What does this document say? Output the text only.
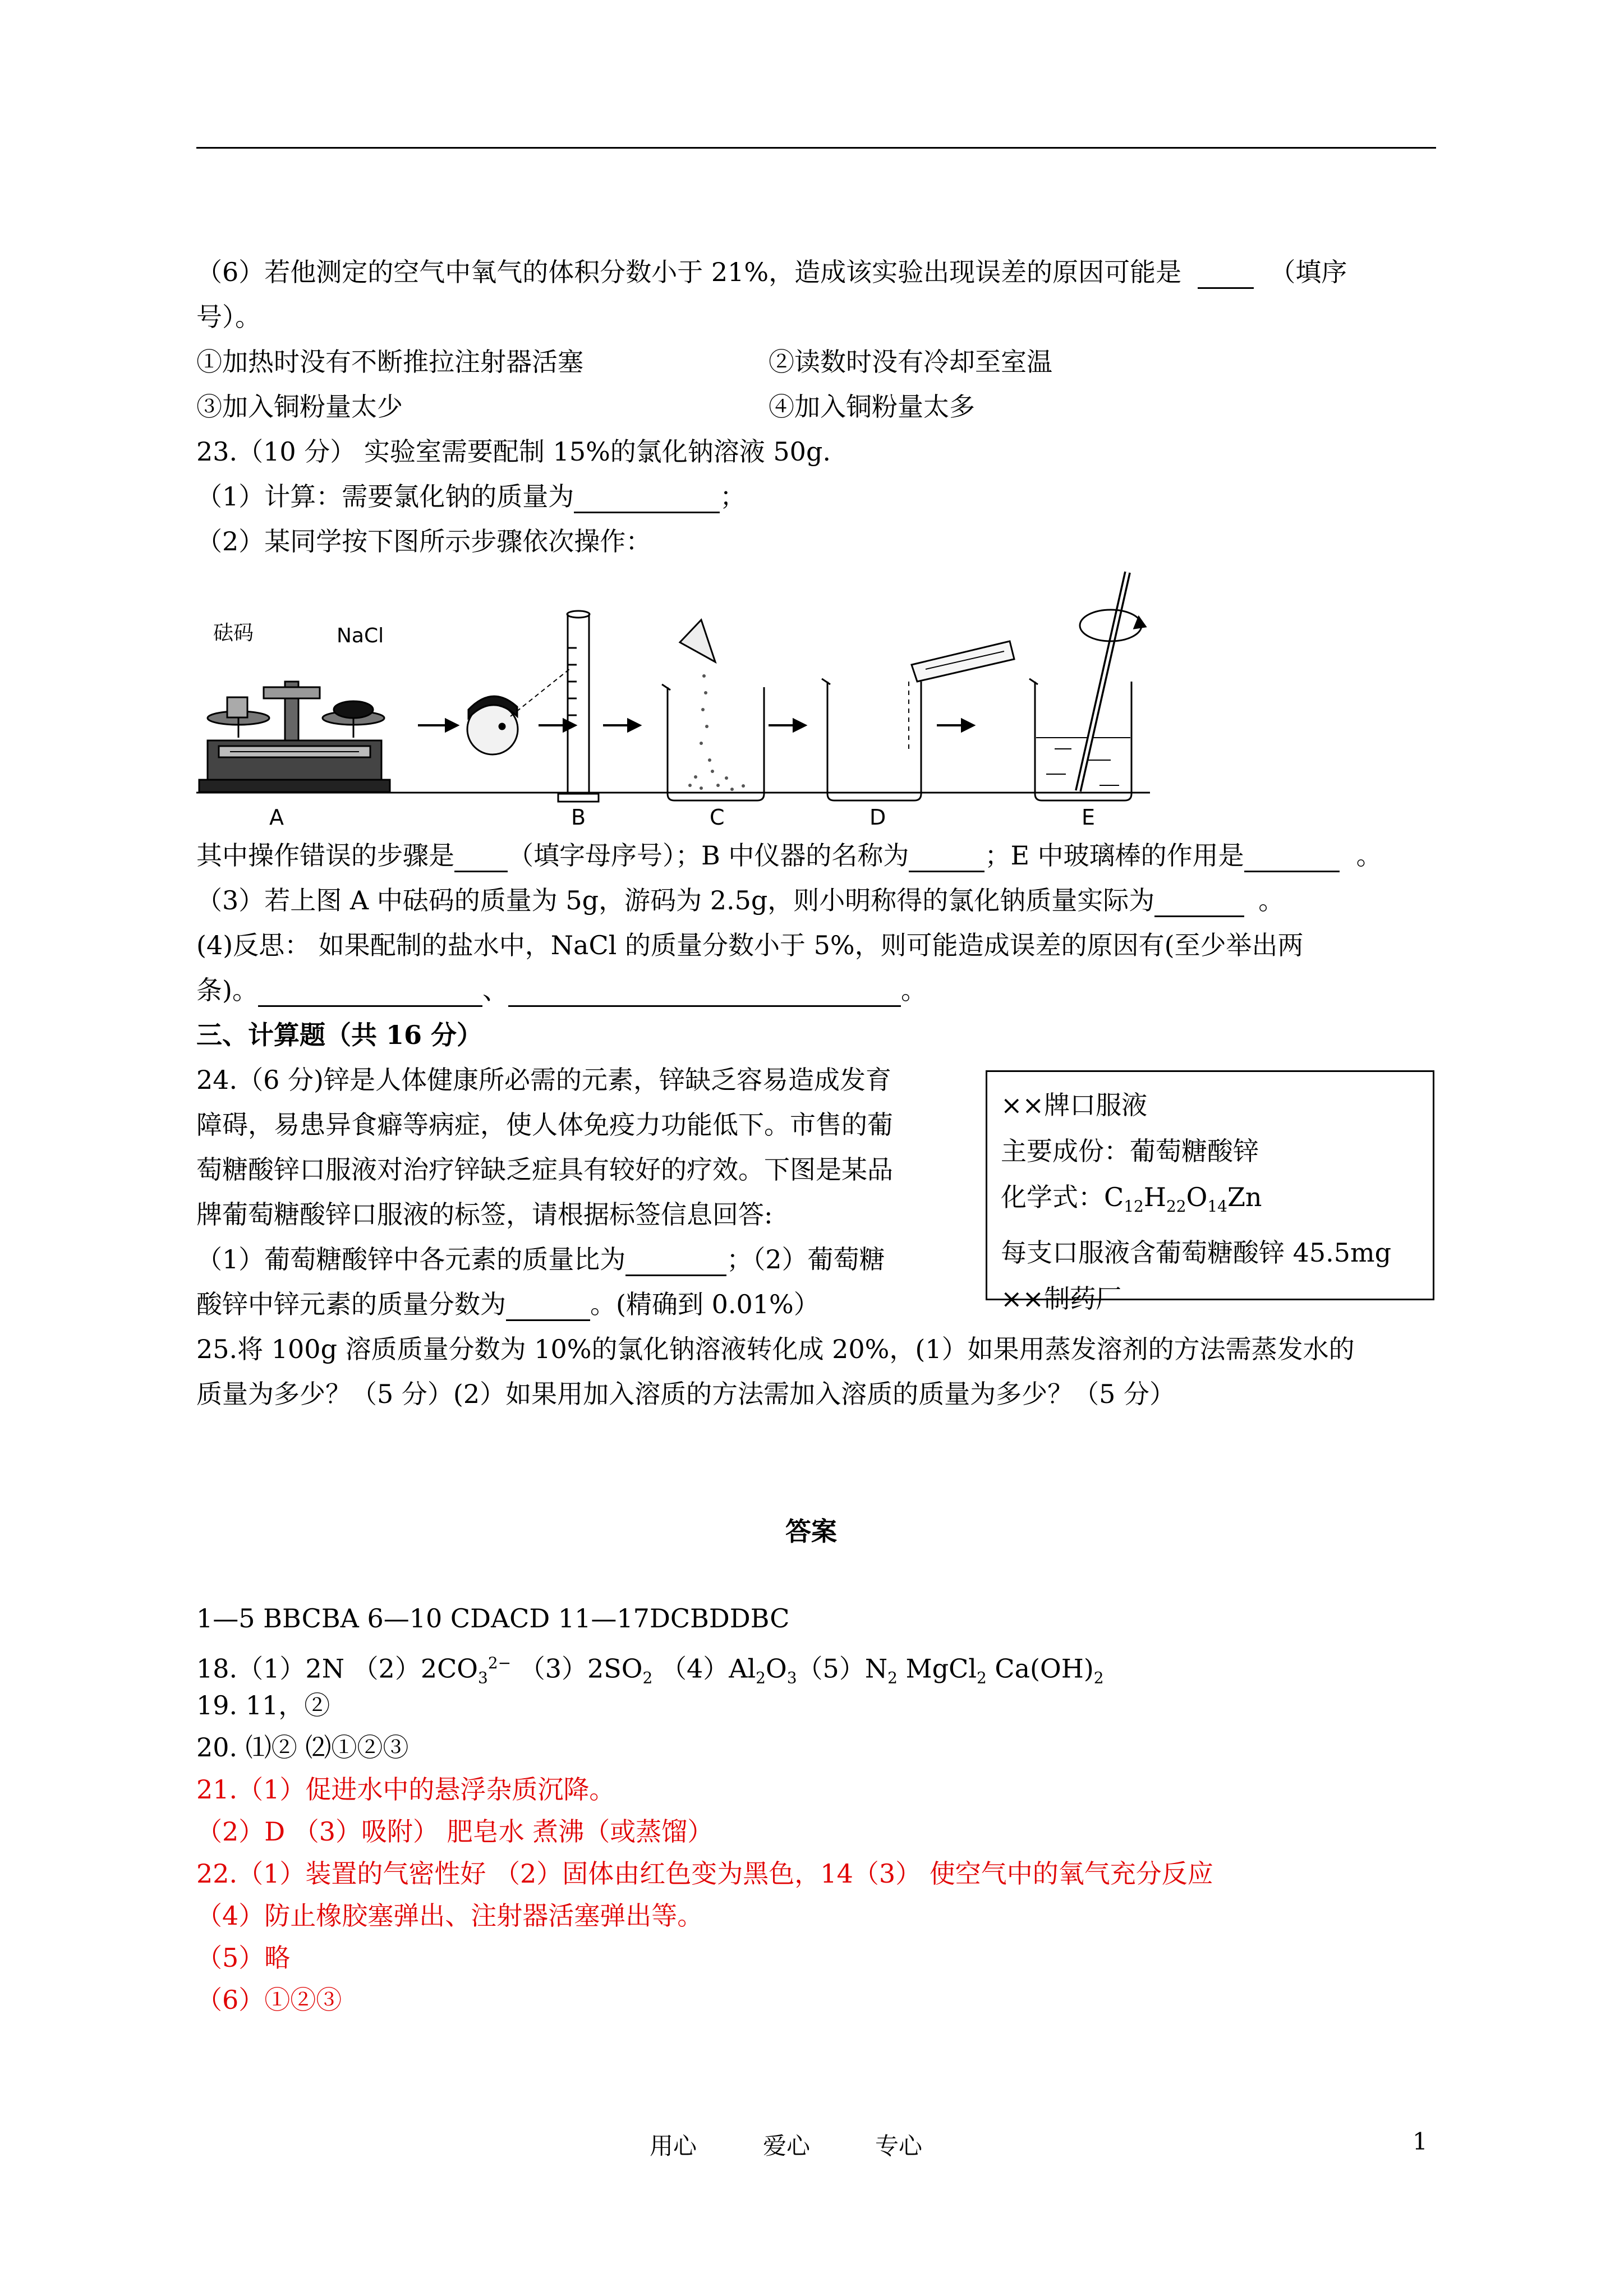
（6）若他测定的空气中氧气的体积分数小于 21%，造成该实验出现误差的原因可能是	（填序
号）。
①加热时没有不断推拉注射器活塞	②读数时没有冷却至室温
③加入铜粉量太少	④加入铜粉量太多
23.（10 分） 实验室需要配制 15%的氯化钠溶液 50g.
（1）计算：需要氯化钠的质量为	；
（2）某同学按下图所示步骤依次操作：
砝码	NaCl
A	B	C	D	E
其中操作错误的步骤是 （填字母序号）；B 中仪器的名称为	；E 中玻璃棒的作用是	。
（3）若上图 A 中砝码的质量为 5g，游码为 2.5g，则小明称得的氯化钠质量实际为	。
(4)反思： 如果配制的盐水中，NaCl 的质量分数小于 5%，则可能造成误差的原因有(至少举出两
条)。	、	。
三、计算题（共 16 分）
24.（6 分)锌是人体健康所必需的元素，锌缺乏容易造成发育
障碍，易患异食癖等病症，使人体免疫力功能低下。市售的葡
萄糖酸锌口服液对治疗锌缺乏症具有较好的疗效。下图是某品
牌葡萄糖酸锌口服液的标签，请根据标签信息回答:
（1）葡萄糖酸锌中各元素的质量比为	；（2）葡萄糖
酸锌中锌元素的质量分数为	。(精确到 0.01%）
××牌口服液
主要成份：葡萄糖酸锌
化学式：$C_{12}H_{22}O_{14}Zn$
每支口服液含葡萄糖酸锌 45.5mg
××制药厂
25.将 100g 溶质质量分数为 10%的氯化钠溶液转化成 20%，(1）如果用蒸发溶剂的方法需蒸发水的
质量为多少？（5 分）(2）如果用加入溶质的方法需加入溶质的质量为多少？（5 分）
答案
1—5 BBCBA 6—10 CDACD 11—17DCBDDBC
18.（1）2N $(2)2CO_3^{2-}$ $(3)2SO_2$ $(4)Al_2O_3(5)N_2$ MgCl$_2$ $Ca(OH)_2$
19. 11，②
20. ⑴② ⑵①②③
21.（1）促进水中的悬浮杂质沉降。
（2）D （3）吸附） 肥皂水 煮沸（或蒸馏）
22.（1）装置的气密性好 （2）固体由红色变为黑色，14（3） 使空气中的氧气充分反应
（4）防止橡胶塞弹出、注射器活塞弹出等。
（5）略
（6）①②③
用心	爱心	专心	1
